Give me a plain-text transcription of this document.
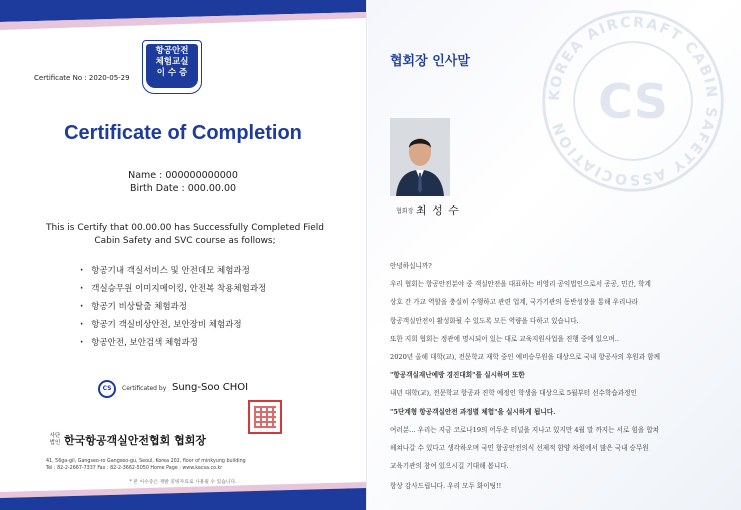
항공안전
체험교실
이 수 증
Certificate No : 2020-05-29
Certificate of Completion
Name : 000000000000
Birth Date : 000.00.00
This is Certify that 00.00.00 has Successfully Completed Field
Cabin Safety and SVC course as follows;
· 항공기내 객실서비스 및 안전데모 체험과정
· 객실승무원 이미지메이킹, 안전복 착용체험과정
· 항공기 비상탈출 체험과정
· 항공기 객실비상안전, 보안장비 체험과정
· 항공안전, 보안검색 체험과정
CS	Certificated by Sung-Soo CHOI
사단법인 한국항공객실안전협회 협회장
41, 56ga-gil, Gangseo-ro Gangseo-gu, Seoul, Korea 202, floor of minkyung building
Tel : 82-2-2667-7337 Fax : 82-2-3662-5050 Home Page : www.kacsa.co.kr
* 본 이수증은 재발 증빙자료로 사용될 수 있습니다.
KOREA AIRCRAFT CABIN SAFETY ASSOCIATION CS
협회장 인사말
협회장 최 성 수

안녕하십니까?

우리 협회는 항공안전분야 중 객실안전을 대표하는 비영리 공익법인으로서 공공, 민간, 학계

상호 간 가교 역할을 충실히 수행하고 관련 업계, 국가기관의 동반성장을 통해 우리나라

항공객실안전이 활성화될 수 있도록 모든 역량을 다하고 있습니다.

또한 지희 협회는 정관에 명시되어 있는 대로 교육지원사업을 진행 중에 있으며..

2020년 올해 대학(교), 전문학교 재학 중인 예비승무원을 대상으로 국내 항공사의 후원과 함께

"항공객실재난예방 경진대회"를 실시하며 또한

내년 대학(교), 전문학교 항공과 진학 예정인 학생을 대상으로 5월부터 선수학습과정인

"5단계형 항공객실안전 과정별 체험"을 실시하게 됩니다.

여러분... 우리는 지금 코로나19의 어두운 터널을 지나고 있지만 4월 말 까지는 서로 힘을 합쳐

헤쳐나갈 수 있다고 생각하오며 국민 항공안전의식 선제적 함양 차원에서 많은 국내 승무원

교육기관의 참여 있으시길 기대해 봅니다.

항상 감사드립니다. 우리 모두 화이팅!!
